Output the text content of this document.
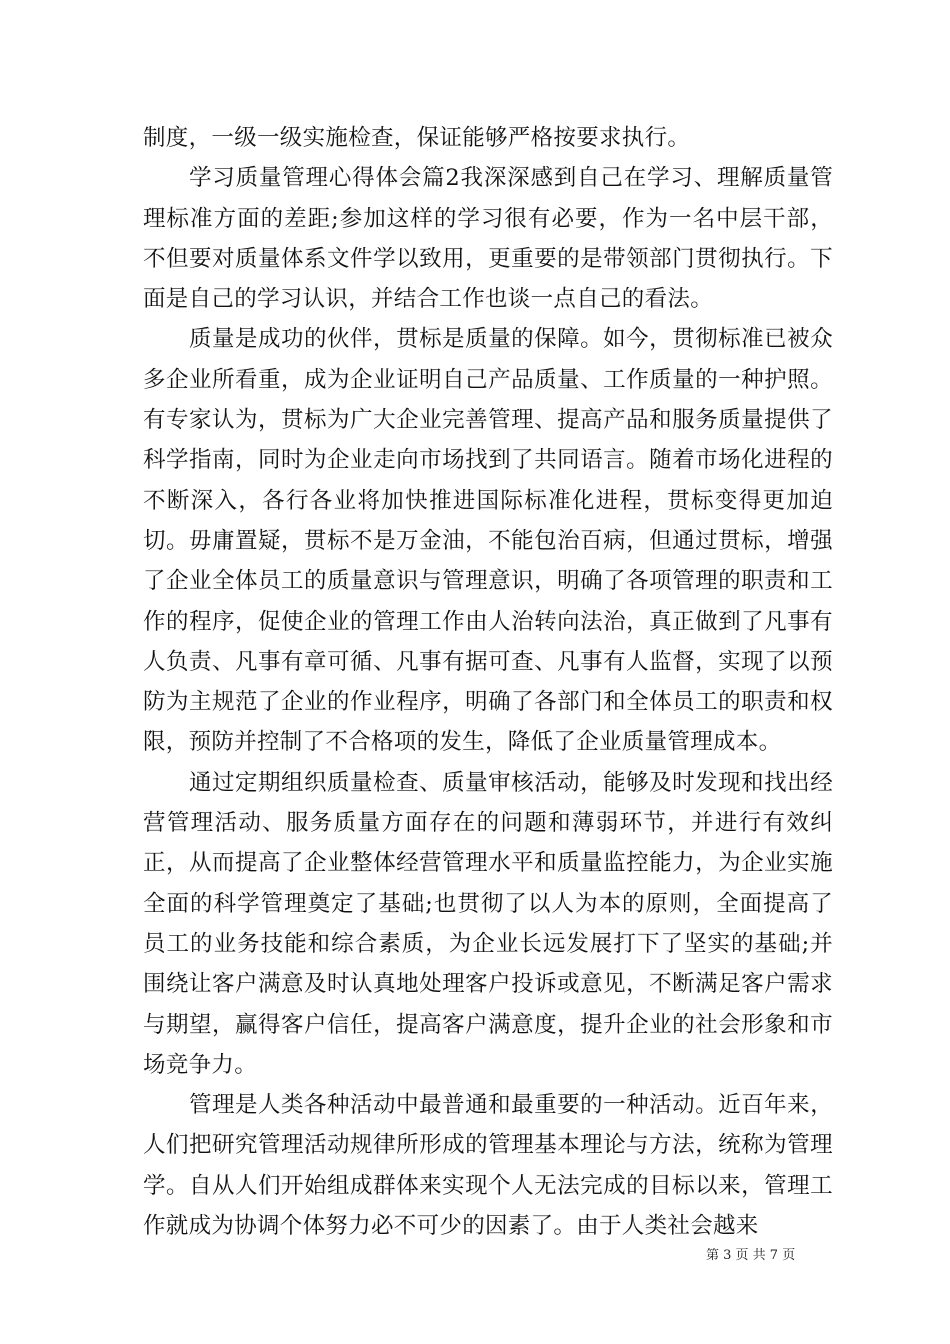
制度，一级一级实施检查，保证能够严格按要求执行。

学习质量管理心得体会篇2我深深感到自己在学习、理解质量管理标准方面的差距;参加这样的学习很有必要，作为一名中层干部，不但要对质量体系文件学以致用，更重要的是带领部门贯彻执行。下面是自己的学习认识，并结合工作也谈一点自己的看法。

质量是成功的伙伴，贯标是质量的保障。如今，贯彻标准已被众多企业所看重，成为企业证明自己产品质量、工作质量的一种护照。有专家认为，贯标为广大企业完善管理、提高产品和服务质量提供了科学指南，同时为企业走向市场找到了共同语言。随着市场化进程的不断深入，各行各业将加快推进国际标准化进程，贯标变得更加迫切。毋庸置疑，贯标不是万金油，不能包治百病，但通过贯标，增强了企业全体员工的质量意识与管理意识，明确了各项管理的职责和工作的程序，促使企业的管理工作由人治转向法治，真正做到了凡事有人负责、凡事有章可循、凡事有据可查、凡事有人监督，实现了以预防为主规范了企业的作业程序，明确了各部门和全体员工的职责和权限，预防并控制了不合格项的发生，降低了企业质量管理成本。

通过定期组织质量检查、质量审核活动，能够及时发现和找出经营管理活动、服务质量方面存在的问题和薄弱环节，并进行有效纠正，从而提高了企业整体经营管理水平和质量监控能力，为企业实施全面的科学管理奠定了基础;也贯彻了以人为本的原则，全面提高了员工的业务技能和综合素质，为企业长远发展打下了坚实的基础;并围绕让客户满意及时认真地处理客户投诉或意见，不断满足客户需求与期望，赢得客户信任，提高客户满意度，提升企业的社会形象和市场竞争力。

管理是人类各种活动中最普通和最重要的一种活动。近百年来，人们把研究管理活动规律所形成的管理基本理论与方法，统称为管理学。自从人们开始组成群体来实现个人无法完成的目标以来，管理工作就成为协调个体努力必不可少的因素了。由于人类社会越来

第 3 页 共 7 页
